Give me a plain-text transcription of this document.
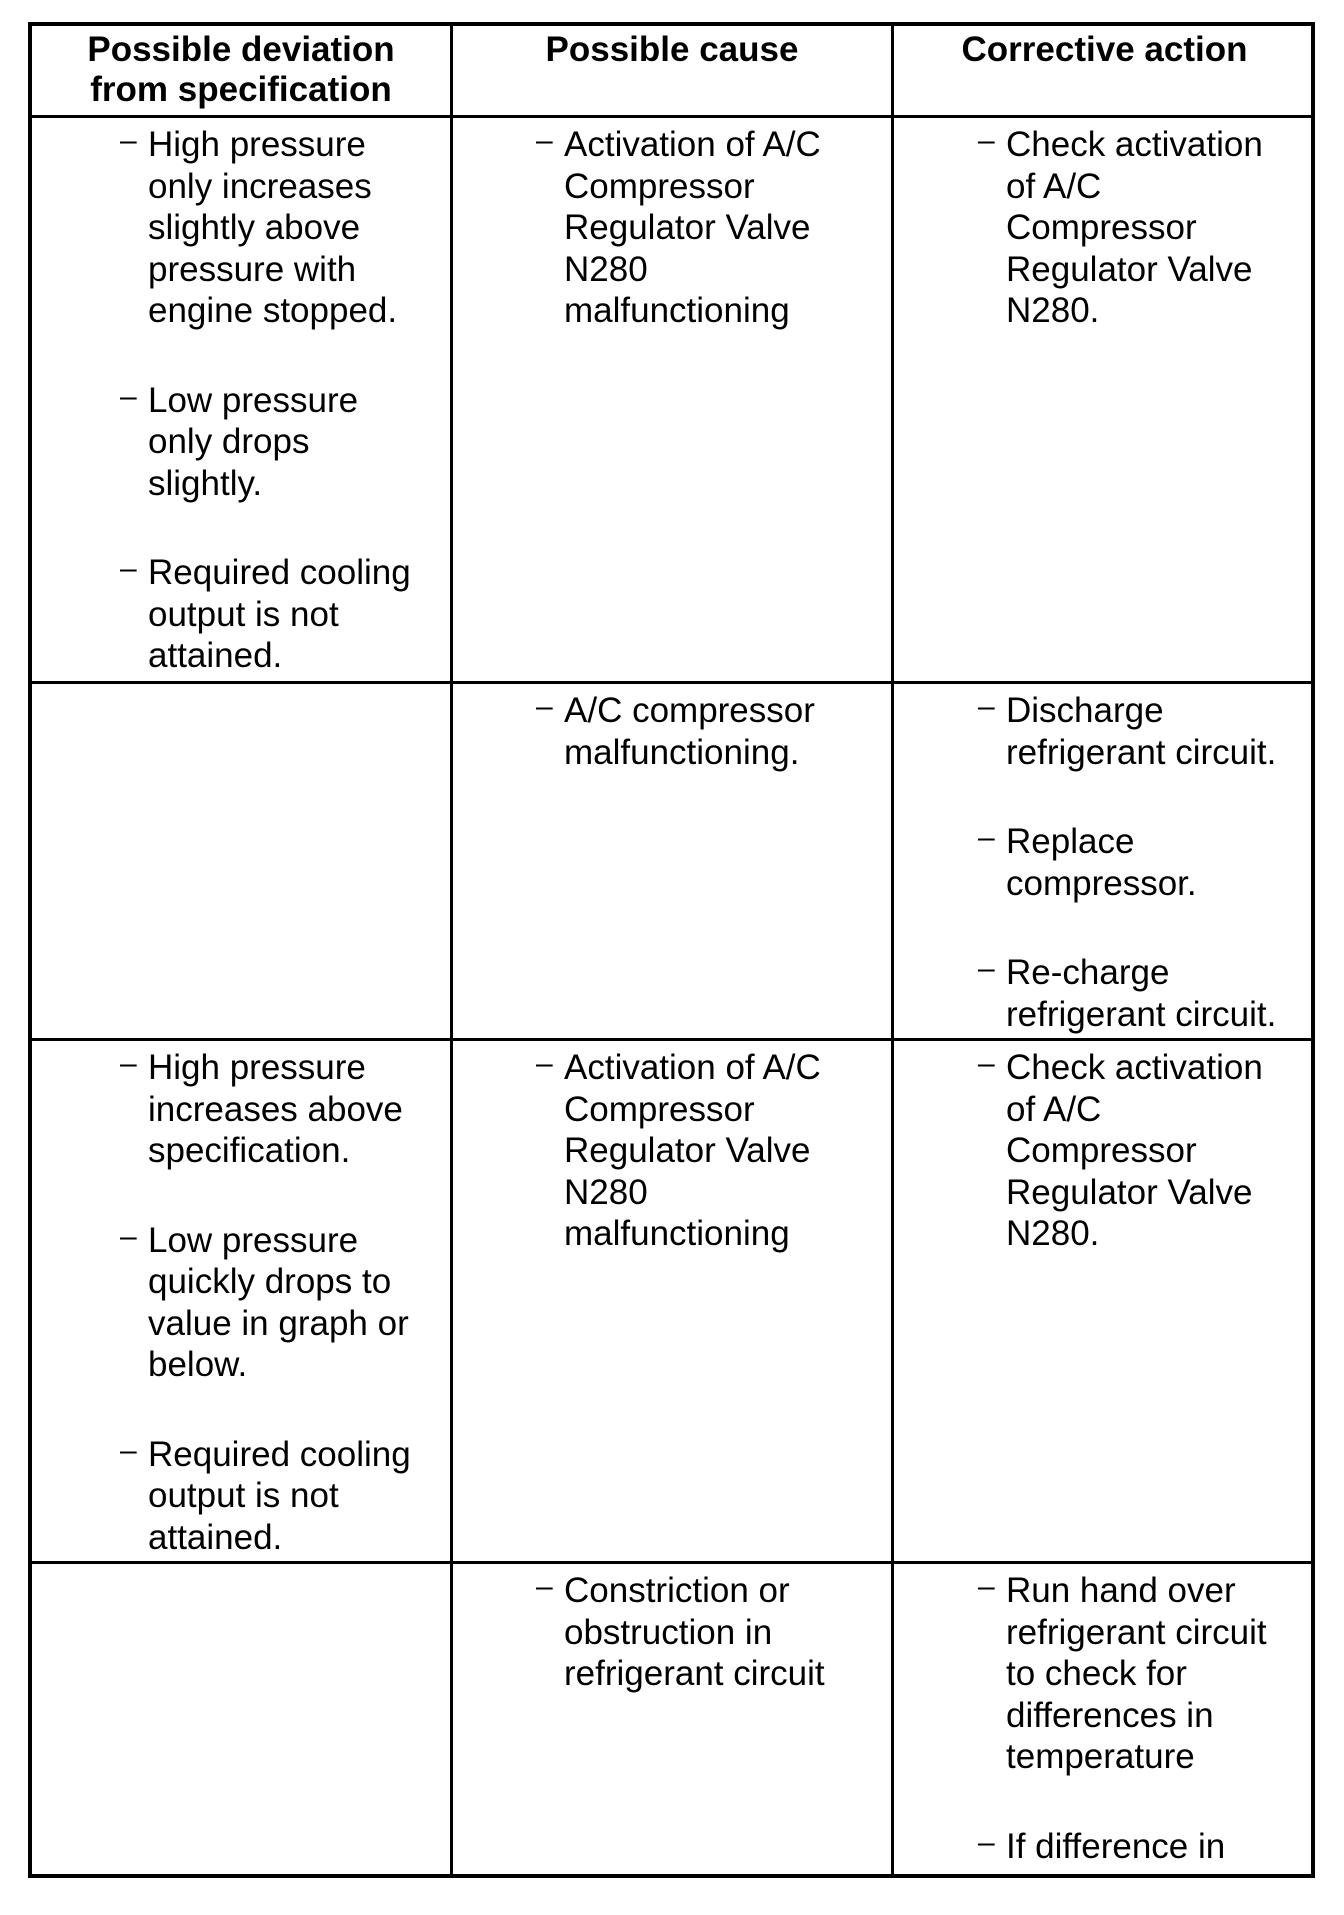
Possible deviation
from specification
Possible cause	Corrective action
– High pressure
only increases
slightly above
pressure with
engine stopped.
– Low pressure
only drops
slightly.
– Required cooling
output is not
attained.
– Activation of A/C
Compressor
Regulator Valve
N280
malfunctioning
– Check activation
of A/C
Compressor
Regulator Valve
N280.
– A/C compressor
malfunctioning.
– Discharge
refrigerant circuit.
– Replace
compressor.
– Re-charge
refrigerant circuit.
– High pressure
increases above
specification.
– Low pressure
quickly drops to
value in graph or
below.
– Required cooling
output is not
attained.
– Activation of A/C
Compressor
Regulator Valve
N280
malfunctioning
– Check activation
of A/C
Compressor
Regulator Valve
N280.
– Constriction or
obstruction in
refrigerant circuit
– Run hand over
refrigerant circuit
to check for
differences in
temperature
– If difference in
